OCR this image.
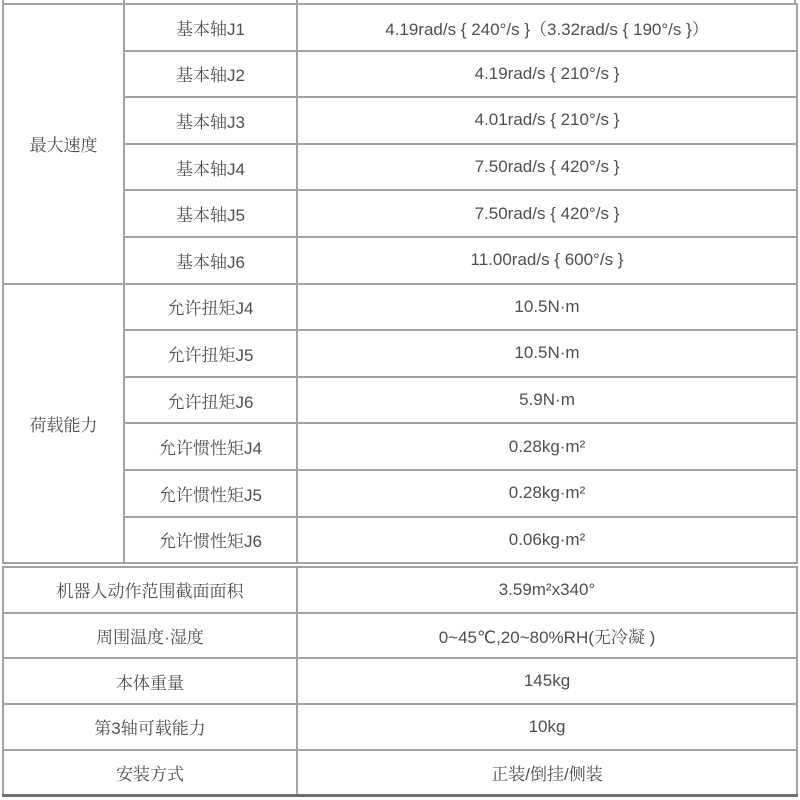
最大速度	基本轴J1	4.19rad/s { 240°/s }（3.32rad/s { 190°/s }）
	基本轴J2	4.19rad/s { 210°/s }
	基本轴J3	4.01rad/s { 210°/s }
	基本轴J4	7.50rad/s { 420°/s }
	基本轴J5	7.50rad/s { 420°/s }
	基本轴J6	11.00rad/s { 600°/s }
荷载能力	允许扭矩J4	10.5N·m
	允许扭矩J5	10.5N·m
	允许扭矩J6	5.9N·m
	允许惯性矩J4	0.28kg·m²
	允许惯性矩J5	0.28kg·m²
	允许惯性矩J6	0.06kg·m²
机器人动作范围截面面积	3.59m²x340°
周围温度·湿度	0~45℃,20~80%RH(无冷凝 )
本体重量	145kg
第3轴可载能力	10kg
安装方式	正装/倒挂/侧装
